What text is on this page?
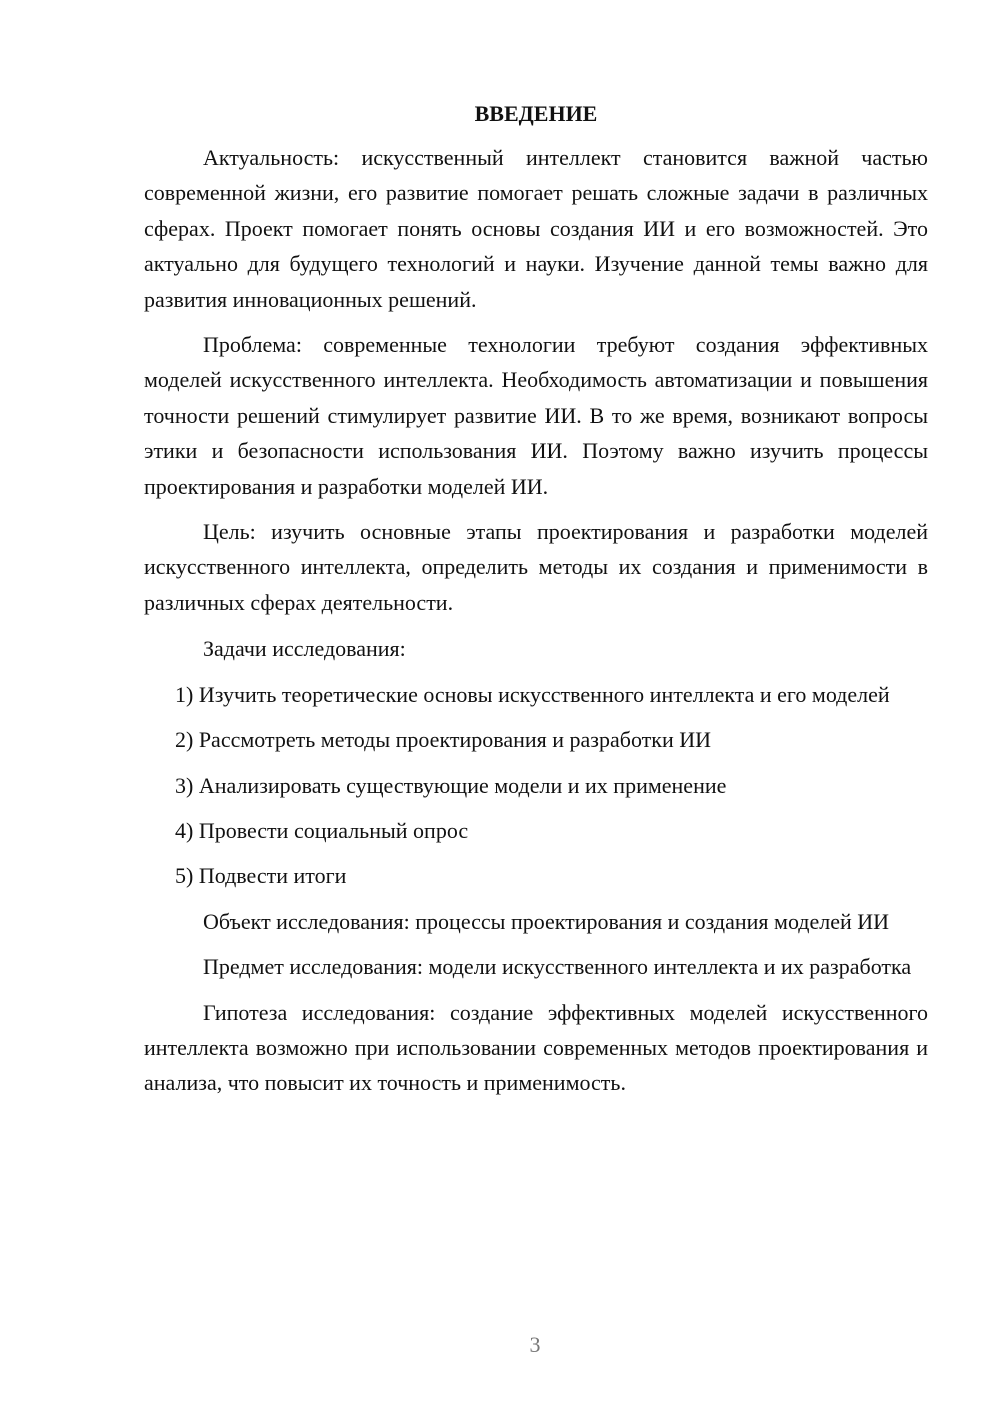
ВВЕДЕНИЕ

Актуальность: искусственный интеллект становится важной частью современной жизни, его развитие помогает решать сложные задачи в различных сферах. Проект помогает понять основы создания ИИ и его возможностей. Это актуально для будущего технологий и науки. Изучение данной темы важно для развития инновационных решений.

Проблема: современные технологии требуют создания эффективных моделей искусственного интеллекта. Необходимость автоматизации и повышения точности решений стимулирует развитие ИИ. В то же время, возникают вопросы этики и безопасности использования ИИ. Поэтому важно изучить процессы проектирования и разработки моделей ИИ.

Цель: изучить основные этапы проектирования и разработки моделей искусственного интеллекта, определить методы их создания и применимости в различных сферах деятельности.

Задачи исследования:

1) Изучить теоретические основы искусственного интеллекта и его моделей

2) Рассмотреть методы проектирования и разработки ИИ

3) Анализировать существующие модели и их применение

4) Провести социальный опрос

5) Подвести итоги

Объект исследования: процессы проектирования и создания моделей ИИ

Предмет исследования: модели искусственного интеллекта и их разработка

Гипотеза исследования: создание эффективных моделей искусственного интеллекта возможно при использовании современных методов проектирования и анализа, что повысит их точность и применимость.

3
